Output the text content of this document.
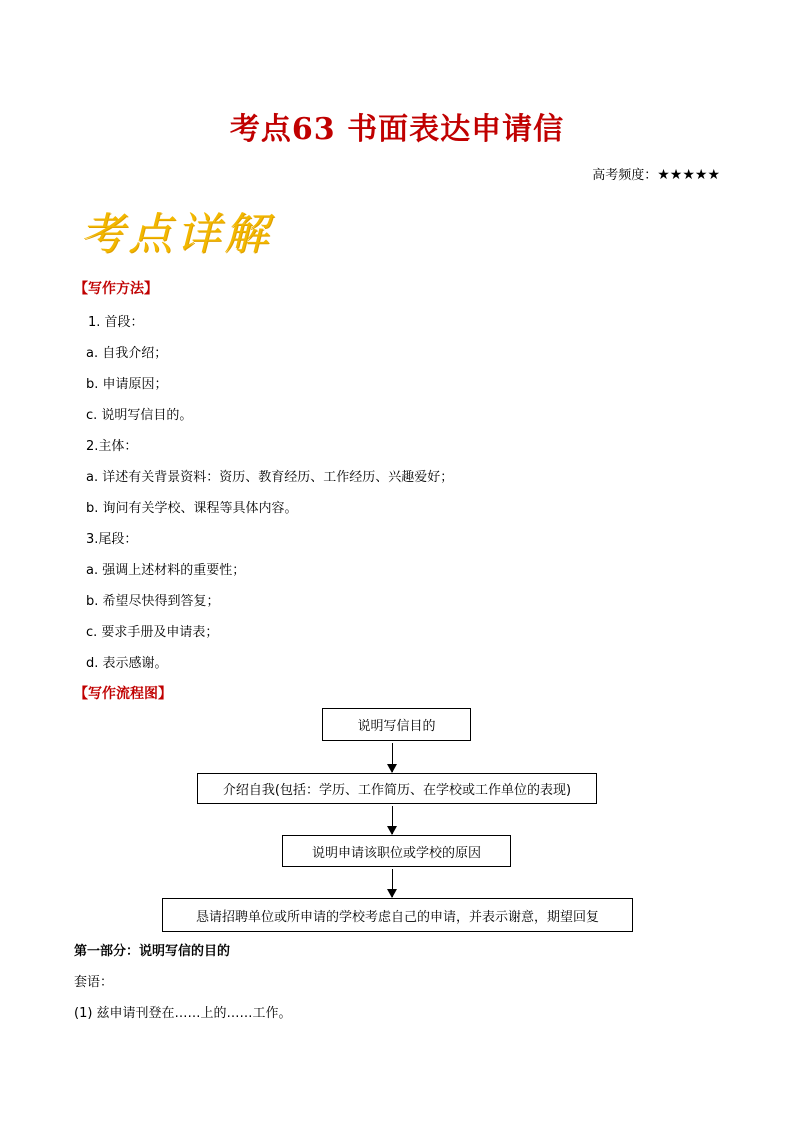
考点63 书面表达申请信
高考频度：★★★★★
考点详解
【写作方法】
1. 首段：
a. 自我介绍；
b. 申请原因；
c. 说明写信目的。
2.主体：
a. 详述有关背景资料：资历、教育经历、工作经历、兴趣爱好；
b. 询问有关学校、课程等具体内容。
3.尾段：
a. 强调上述材料的重要性；
b. 希望尽快得到答复；
c. 要求手册及申请表；
d. 表示感谢。
【写作流程图】
说明写信目的
介绍自我(包括：学历、工作简历、在学校或工作单位的表现)
说明申请该职位或学校的原因
恳请招聘单位或所申请的学校考虑自己的申请，并表示谢意，期望回复
第一部分：说明写信的目的
套语：
(1) 兹申请刊登在……上的……工作。
